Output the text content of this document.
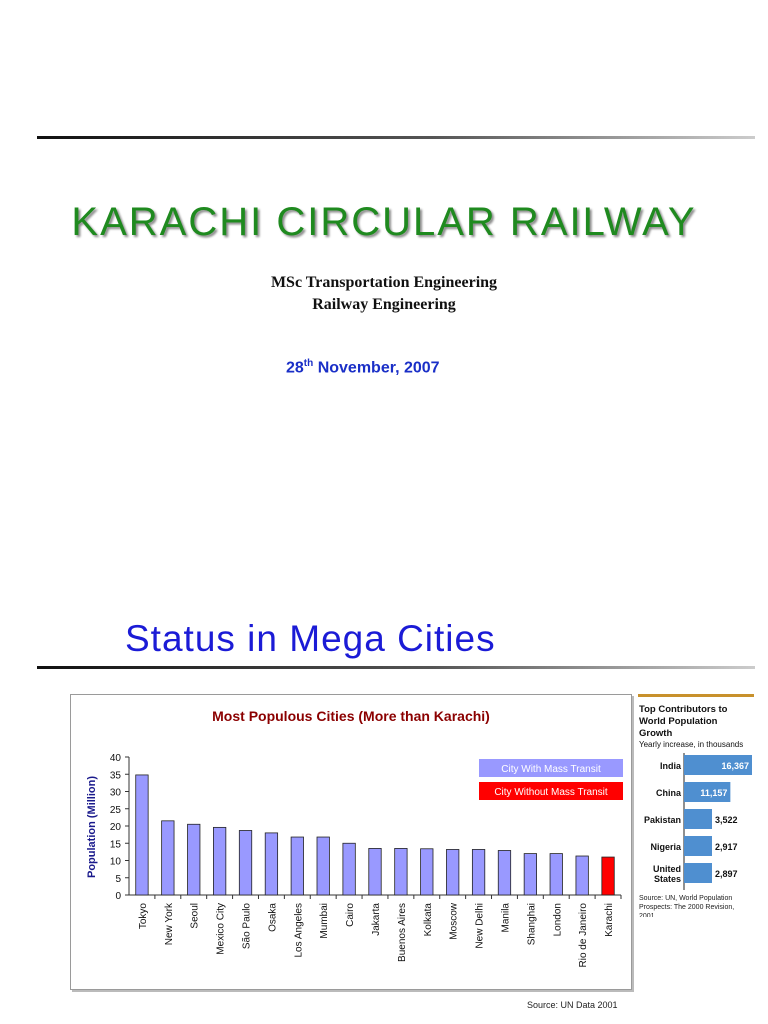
KARACHI CIRCULAR RAILWAY
MSc Transportation Engineering
Railway Engineering
28th November, 2007
Status in Mega Cities
Most Populous Cities (More than Karachi)
Population (Million)
0
5
10
15
20
25
30
35
40
Tokyo New York Seoul Mexico City São Paulo Osaka Los Angeles Mumbai Cairo Jakarta Buenos Aires Kolkata Moscow New Delhi Manila Shanghai London Rio de Janeiro Karachi
City With Mass Transit
City Without Mass Transit
Top Contributors to
World Population
Growth
Yearly increase, in thousands
India	16,367
China 11,157
Pakistan	3,522
Nigeria	2,917
United
States	2,897
Source: UN, World Population
Prospects: The 2000 Revision,
2001.
Source: UN Data 2001
